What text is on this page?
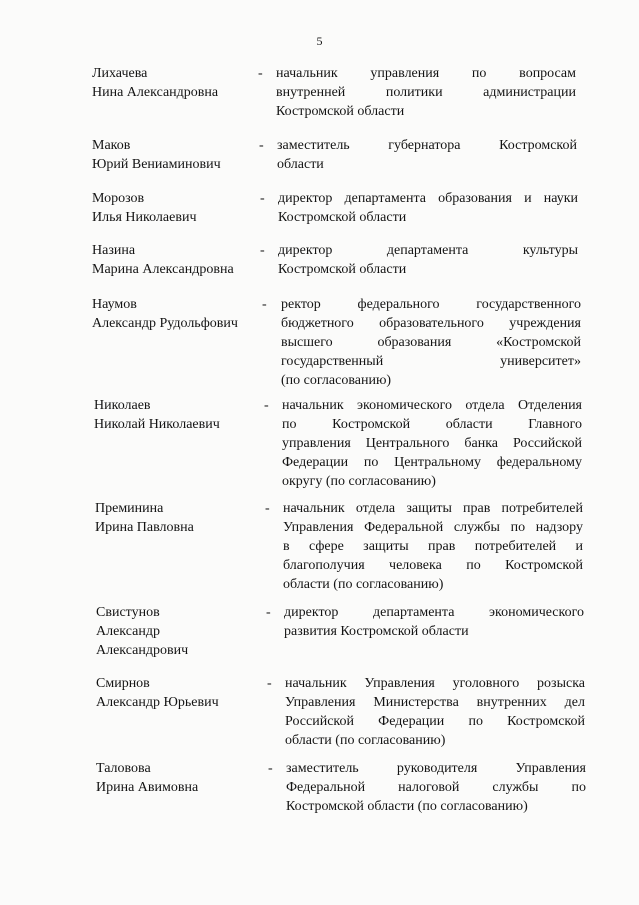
5
Лихачева
Нина Александровна
- начальник управления по вопросам
внутренней политики администрации
Костромской области
Маков
Юрий Вениаминович
- заместитель губернатора Костромской
области
Морозов
Илья Николаевич
- директор департамента образования и науки
Костромской области
Назина
Марина Александровна
- директор департамента культуры
Костромской области
Наумов
Александр Рудольфович
- ректор федерального государственного
бюджетного образовательного учреждения
высшего образования «Костромской
государственный университет»
(по согласованию)
Николаев
Николай Николаевич
- начальник экономического отдела Отделения
по Костромской области Главного
управления Центрального банка Российской
Федерации по Центральному федеральному
округу (по согласованию)
Преминина
Ирина Павловна
- начальник отдела защиты прав потребителей
Управления Федеральной службы по надзору
в сфере защиты прав потребителей и
благополучия человека по Костромской
области (по согласованию)
Свистунов
Александр
Александрович
- директор департамента экономического
развития Костромской области
Смирнов
Александр Юрьевич
- начальник Управления уголовного розыска
Управления Министерства внутренних дел
Российской Федерации по Костромской
области (по согласованию)
Таловова
Ирина Авимовна
- заместитель руководителя Управления
Федеральной налоговой службы по
Костромской области (по согласованию)
